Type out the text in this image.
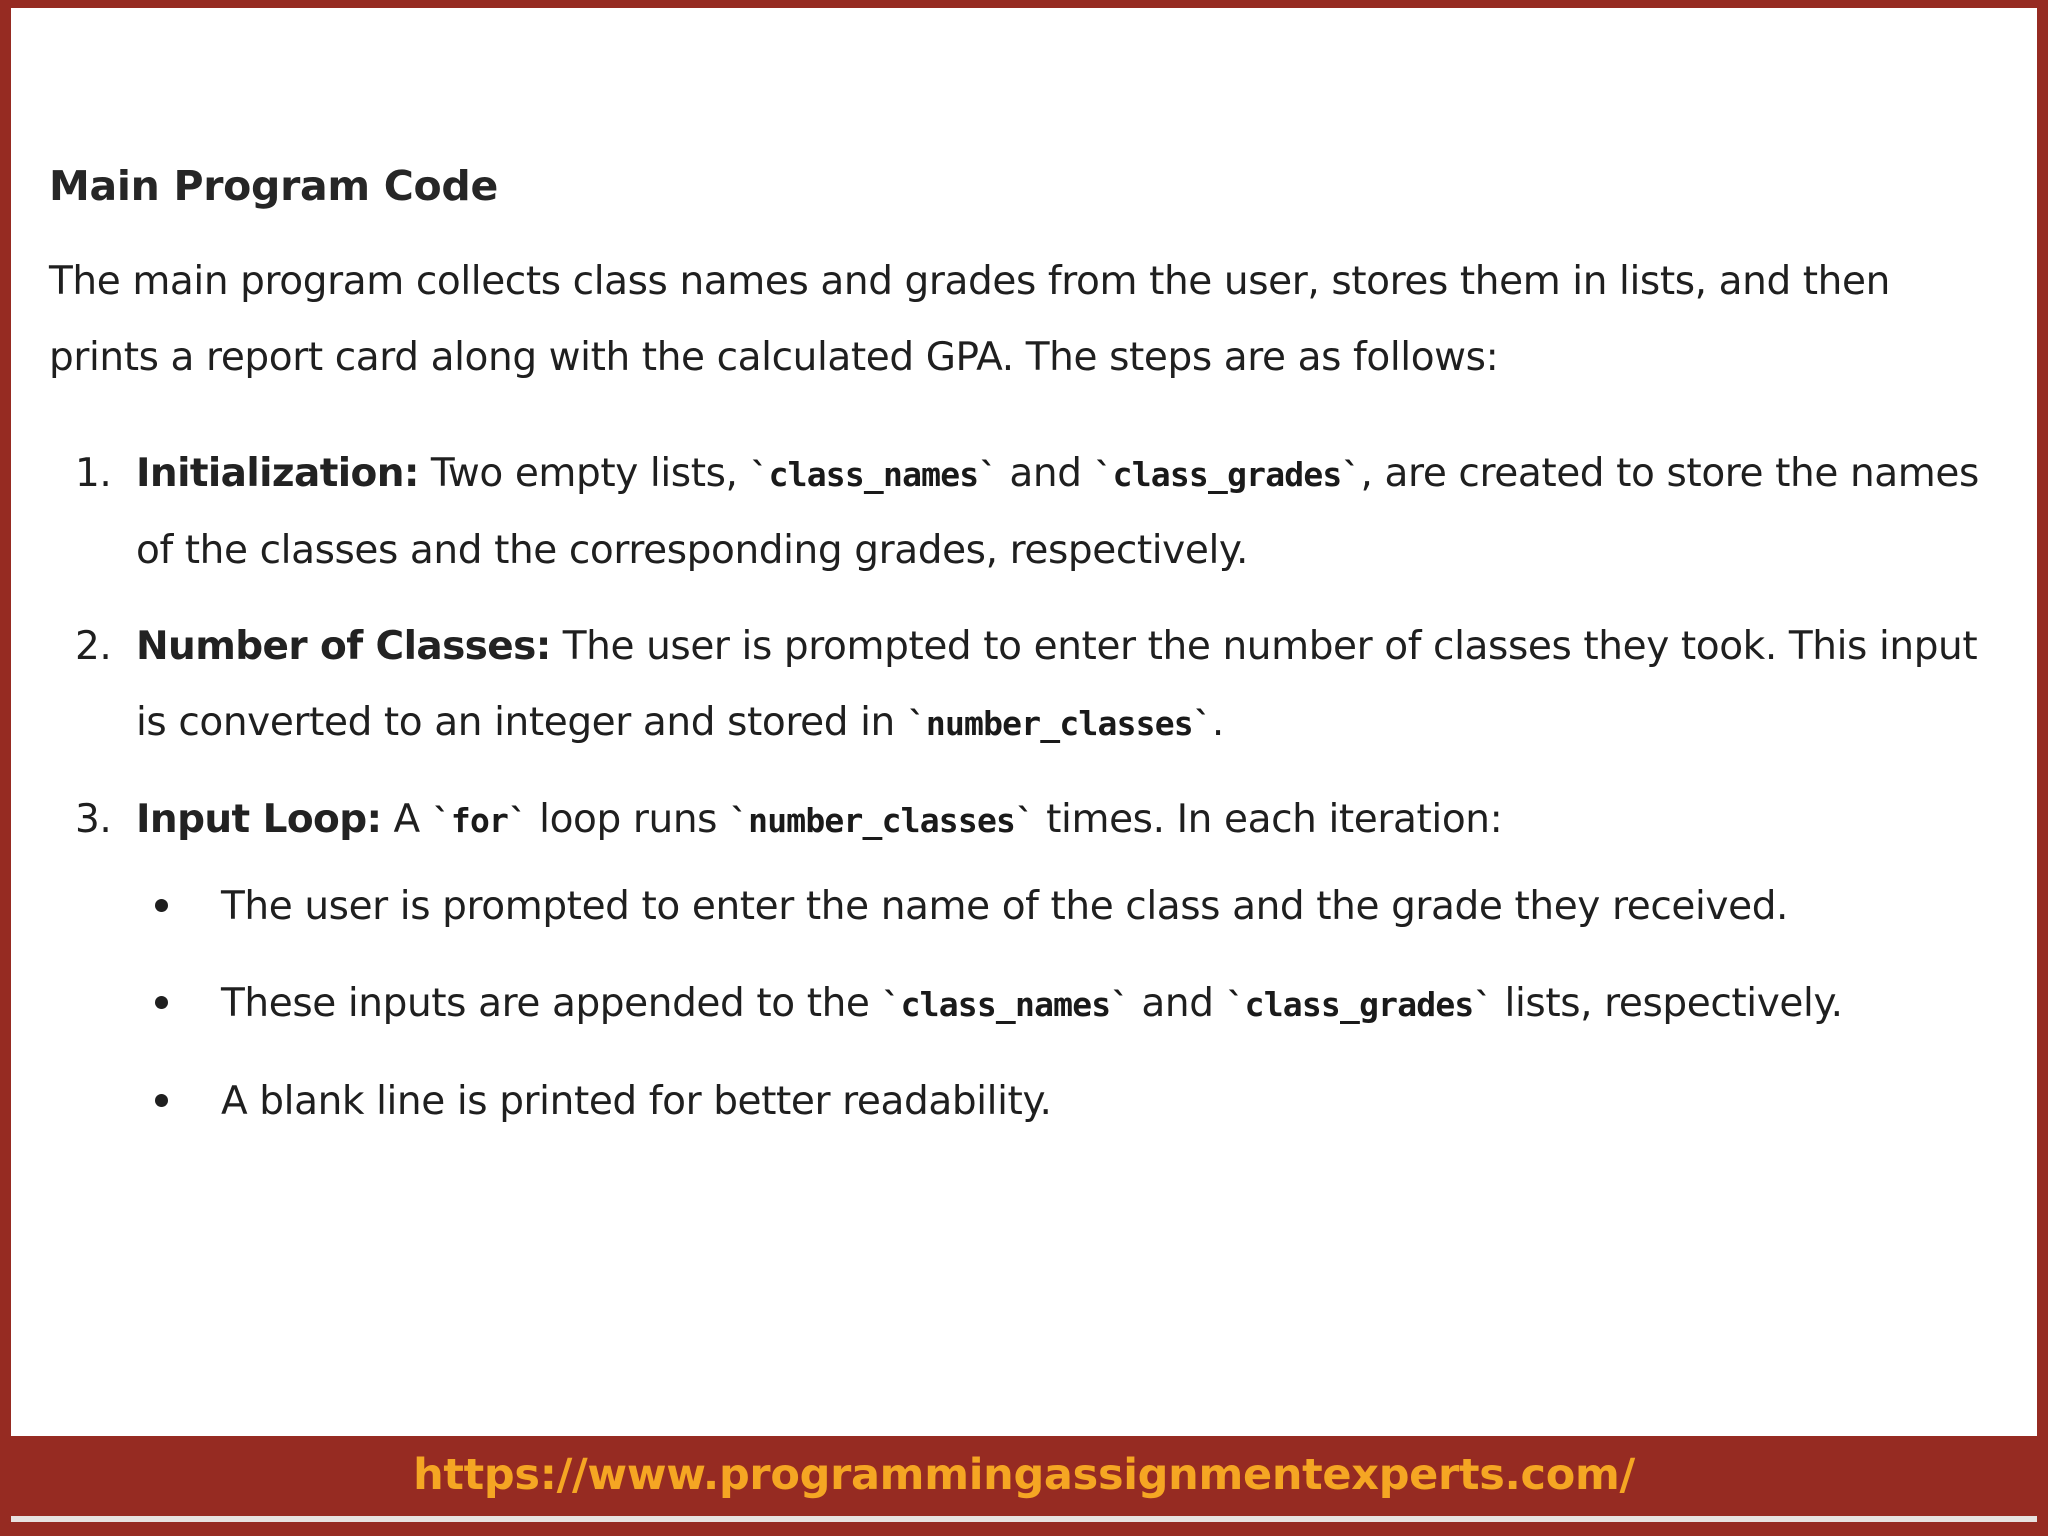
Main Program Code
The main program collects class names and grades from the user, stores them in lists, and then prints a report card along with the calculated GPA. The steps are as follows:
1. Initialization: Two empty lists, `class_names` and `class_grades`, are created to store the names of the classes and the corresponding grades, respectively.
2. Number of Classes: The user is prompted to enter the number of classes they took. This input is converted to an integer and stored in `number_classes`.
3. Input Loop: A `for` loop runs `number_classes` times. In each iteration:
The user is prompted to enter the name of the class and the grade they received.
These inputs are appended to the `class_names` and `class_grades` lists, respectively.
A blank line is printed for better readability.
https://www.programmingassignmentexperts.com/
